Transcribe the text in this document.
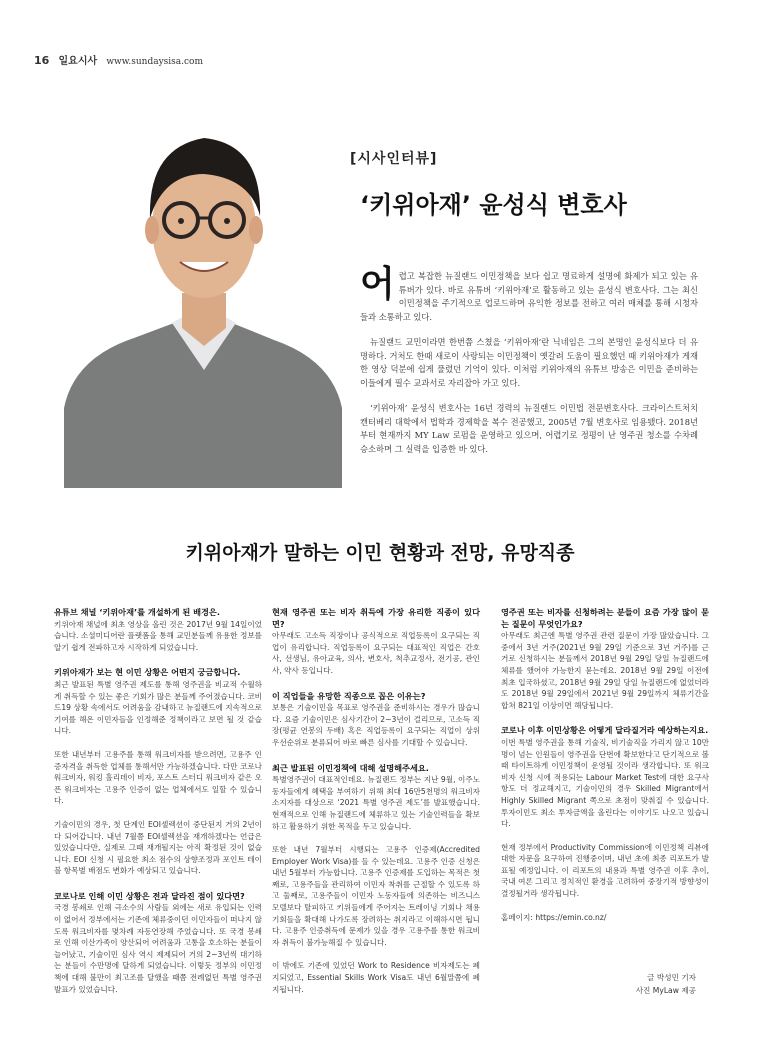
16 일요시사 www.sundaysisa.com
[시사인터뷰]
‘키위아재’ 윤성식 변호사

어렵고 복잡한 뉴질랜드 이민정책을 보다 쉽고 명료하게 설명에 화제가 되고 있는 유튜버가 있다. 바로 유튜버 ‘키위아재’로 활동하고 있는 윤성식 변호사다. 그는 최신 이민정책을 주기적으로 업로드하며 유익한 정보를 전하고 여러 매체를 통해 시청자들과 소통하고 있다.

뉴질랜드 교민이라면 한번쯤 스쳤을 ‘키위아재’란 닉네임은 그의 본명인 윤성식보다 더 유명하다. 거처도 한때 새로이 사랑되는 이민정책이 옛갈려 도움이 필요했던 때 키위아재가 게재한 영상 덕분에 쉽게 풀렸던 기억이 있다. 이처럼 키위아재의 유튜브 방송은 이민을 준비하는 이들에게 필수 교과서로 자리잡아 가고 있다.

‘키위아재’ 윤성식 변호사는 16년 경력의 뉴질랜드 이민법 전문변호사다. 크라이스트처치 캔터베리 대학에서 법학과 경제학을 복수 전공했고, 2005년 7월 변호사로 임용됐다. 2018년부터 현재까지 MY Law 로펌을 운영하고 있으며, 어렵기로 정평이 난 영주권 청소를 수차례 승소하며 그 실력을 입증한 바 있다.

키위아재가 말하는 이민 현황과 전망, 유망직종

유튜브 채널 ‘키위아재’를 개설하게 된 배경은.

키위아재 채널에 최초 영상을 올린 것은 2017년 9월 14일이었습니다. 소셜미디어란 플랫폼을 통해 교민분들께 유용한 정보를 알기 쉽게 전파하고자 시작하게 되었습니다.

키위아재가 보는 현 이민 상황은 어떤지 궁금합니다.

최근 발표된 특별 영주권 제도를 통해 영주권을 비교적 수월하게 취득할 수 있는 좋은 기회가 많은 분들께 주어졌습니다. 코비드19 상황 속에서도 어려움을 감내하고 뉴질랜드에 지속적으로 기여를 해온 이민자들을 인정해준 정책이라고 보면 될 것 같습니다.

또한 내년부터 고용주를 통해 워크비자를 받으려면, 고용주 인증자격을 취득한 업체를 통해서만 가능하겠습니다. 다만 코로나 워크비자, 워킹 홀리데이 비자, 포스트 스터디 워크비자 같은 오픈 워크비자는 고용주 인증이 없는 업체에서도 일할 수 있습니다.

기술이민의 경우, 첫 단계인 EOI셀렉션이 중단된지 거의 2년이 다 되어갑니다. 내년 7월쯤 EOI셀렉션을 재개하겠다는 언급은 있었습니다만, 실제로 그때 재개될지는 아직 확정된 것이 없습니다. EOI 신청 시 필요한 최소 점수의 상향조정과 포인트 테이블 항목별 배점도 변화가 예상되고 있습니다.

코로나로 인해 이민 상황은 전과 달라진 점이 있다면?

국경 봉쇄로 인해 극소수의 사람들 외에는 새로 유입되는 인력이 없어서 정부에서는 기존에 체류중이던 이민자들이 떠나지 않도록 워크비자를 몇차례 자동연장해 주었습니다. 또 국경 봉쇄로 인해 이산가족이 양산되어 어려움과 고통을 호소하는 분들이 늘어났고, 기술이민 심사 역시 제제되어 거의 2~3년씩 대기하는 분들이 수만명에 달하게 되었습니다. 이렇듯 정부의 이민정책에 대해 불만이 최고조를 달했을 때쯤 전례없던 특별 영주권 발표가 있었습니다.

현재 영주권 또는 비자 취득에 가장 유리한 직종이 있다면?

아무래도 고소득 직장이나 공식적으로 직업등록이 요구되는 직업이 유리합니다. 직업등록이 요구되는 대표적인 직업은 간호사, 선생님, 유아교육, 의사, 변호사, 척추교정사, 전기공, 관인사, 약사 등입니다.

이 직업들을 유망한 직종으로 꼽은 이유는?

보통은 기술이민을 목표로 영주권을 준비하시는 경우가 많습니다. 요즘 기술이민은 심사기간이 2~3년이 걸리므로, 고소득 직장(평균 연봉의 두배) 혹은 직업등록이 요구되는 직업이 상위 우선순위로 분류되어 바로 빠른 심사를 기대할 수 있습니다.

최근 발표된 이민정책에 대해 설명해주세요.

특별영주권이 대표적인데요. 뉴질랜드 정부는 지난 9월, 이주노동자들에게 혜택을 부여하기 위해 최대 16만5천명의 워크비자 소지자를 대상으로 ‘2021 특별 영주권 제도’를 발표했습니다. 현재적으로 인해 뉴질랜드에 체류하고 있는 기술인력들을 확보하고 활용하기 위한 목적을 두고 있습니다.

또한 내년 7월부터 시행되는 고용주 인증제(Accredited Employer Work Visa)를 들 수 있는데요. 고용주 인증 신청은 내년 5월부터 가능합니다. 고용주 인증제를 도입하는 목적은 첫째로, 고용주들을 관리하여 이민자 착취를 근절할 수 있도록 하고 둘째로, 고용주들이 이민자 노동자들에 의존하는 비즈니스 모델보다 탈피하고 키위들에게 주어지는 트레이닝 기회나 채용 기회들을 확대해 나가도록 장려하는 취지라고 이해하시면 됩니다. 고용주 인증취득에 문제가 있을 경우 고용주를 통한 워크비자 취득이 불가능해질 수 있습니다.

이 밖에도 기존에 있었던 Work to Residence 비자제도는 폐지되었고, Essential Skills Work Visa도 내년 6월말쯤에 폐지됩니다.

영주권 또는 비자를 신청하려는 분들이 요즘 가장 많이 묻는 질문이 무엇인가요?

아무래도 최근엔 특별 영주권 관련 질문이 가장 많았습니다. 그 중에서 3년 거주(2021년 9월 29일 기준으로 3년 거주)를 근거로 신청하시는 분들께서 2018년 9월 29일 당일 뉴질랜드에 체류를 했어야 가능한지 묻는데요. 2018년 9월 29일 이전에 최초 입국하셨고, 2018년 9월 29일 당일 뉴질랜드에 없었더라도 2018년 9월 29일에서 2021년 9월 29일까지 체류기간을 합쳐 821일 이상이면 해당됩니다.

코로나 이후 이민상황은 어떻게 달라질거라 예상하는지요.

이번 특별 영주권을 통해 기술직, 비기술직을 가리지 않고 10만명이 넘는 인원들이 영주권을 단번에 확보한다고 단기적으로 볼 때 타이트하게 이민정책이 운영될 것이라 생각합니다. 또 워크비자 신청 시에 적용되는 Labour Market Test에 대한 요구사항도 더 정교해지고, 기술이민의 경우 Skilled Migrant에서 Highly Skilled Migrant 쪽으로 초점이 맞춰질 수 있습니다. 투자이민도 최소 투자금액을 올린다는 이야기도 나오고 있습니다.

현재 정부에서 Productivity Commission에 이민정책 리뷰에 대한 자문을 요구하여 진행중이며, 내년 초에 최종 리포트가 발표될 예정입니다. 이 리포트의 내용과 특별 영주권 이후 추이, 국내 여론 그리고 정치적인 환경을 고려하여 중장기적 방향성이 결정될거라 생각됩니다.

홈페이지: https://emin.co.nz/

글 박성민 기자
사진 MyLaw 제공
